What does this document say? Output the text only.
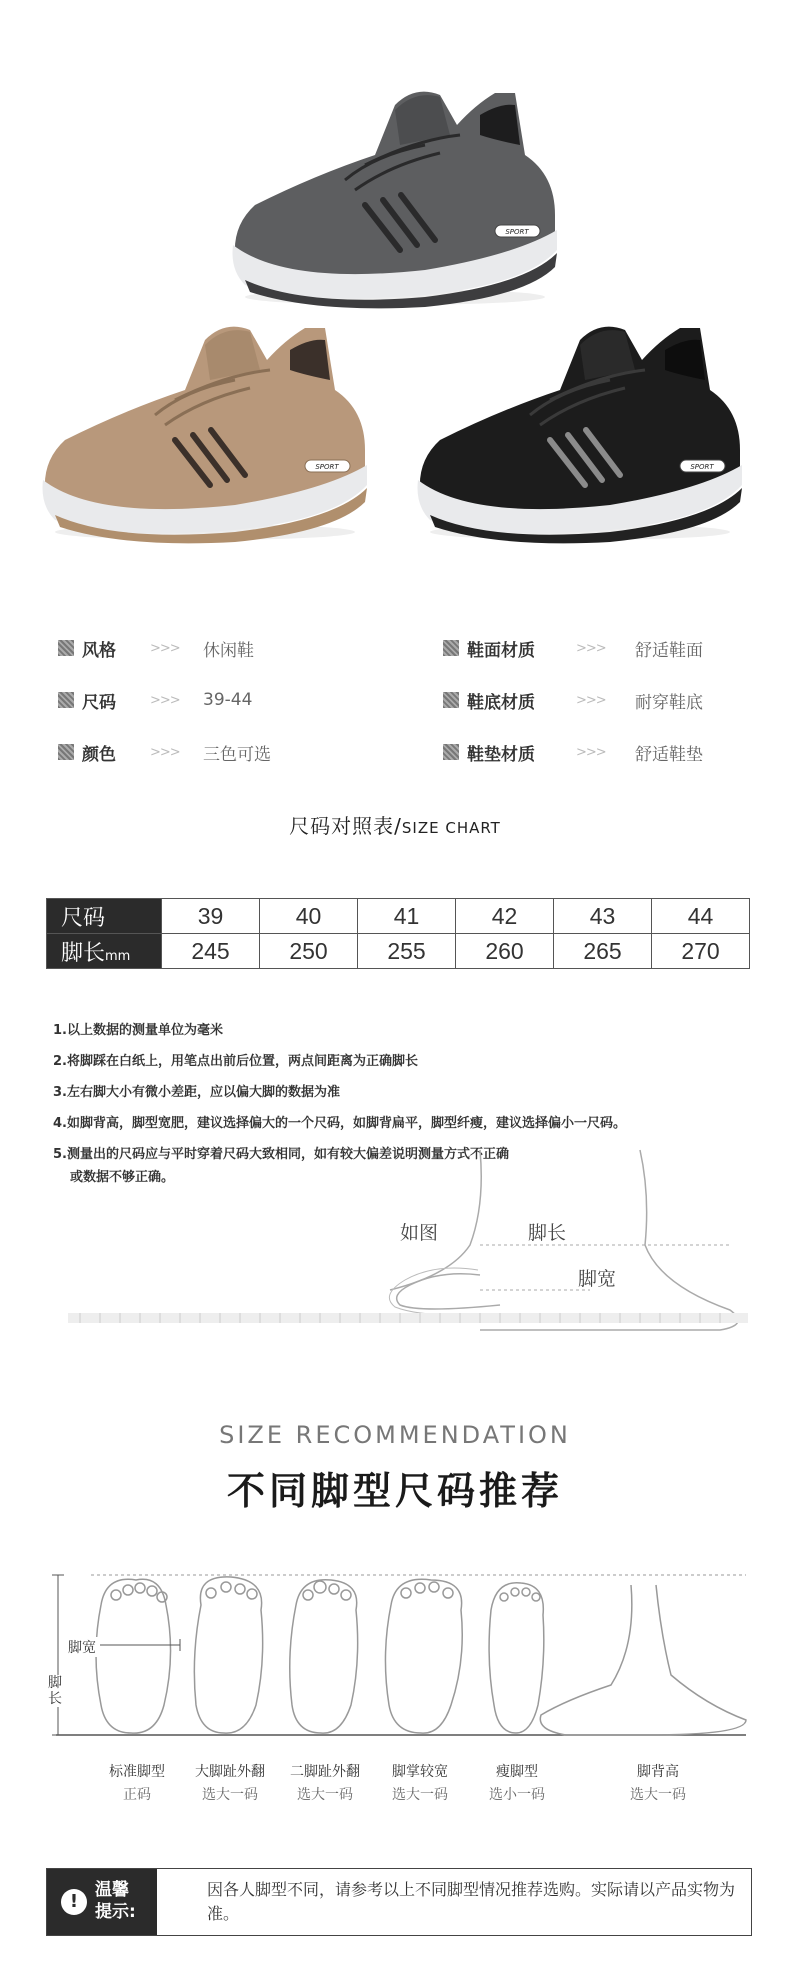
SPORT
SPORT	SPORT
风格	>>> 休闲鞋	鞋面材质	>>> 舒适鞋面
尺码	>>> 39-44	鞋底材质	>>> 耐穿鞋底
颜色	>>> 三色可选	鞋垫材质	>>> 舒适鞋垫
尺码对照表/SIZE CHART
尺码	39	40	41	42	43	44
脚长mm	245	250	255	260	265	270
1.以上数据的测量单位为毫米
2.将脚踩在白纸上，用笔点出前后位置，两点间距离为正确脚长
3.左右脚大小有微小差距，应以偏大脚的数据为准
4.如脚背高，脚型宽肥，建议选择偏大的一个尺码，如脚背扁平，脚型纤瘦，建议选择偏小一尺码。
5.测量出的尺码应与平时穿着尺码大致相同，如有较大偏差说明测量方式不正确
或数据不够正确。
如图	脚长
脚宽
SIZE RECOMMENDATION
不同脚型尺码推荐
脚宽
脚长
标准脚型
正码
大脚趾外翻
选大一码
二脚趾外翻
选大一码
脚掌较宽
选大一码
瘦脚型
选小一码
脚背高
选大一码
!
温馨
提示:
因各人脚型不同，请参考以上不同脚型情况推荐选购。实际请以产品实物为准。
